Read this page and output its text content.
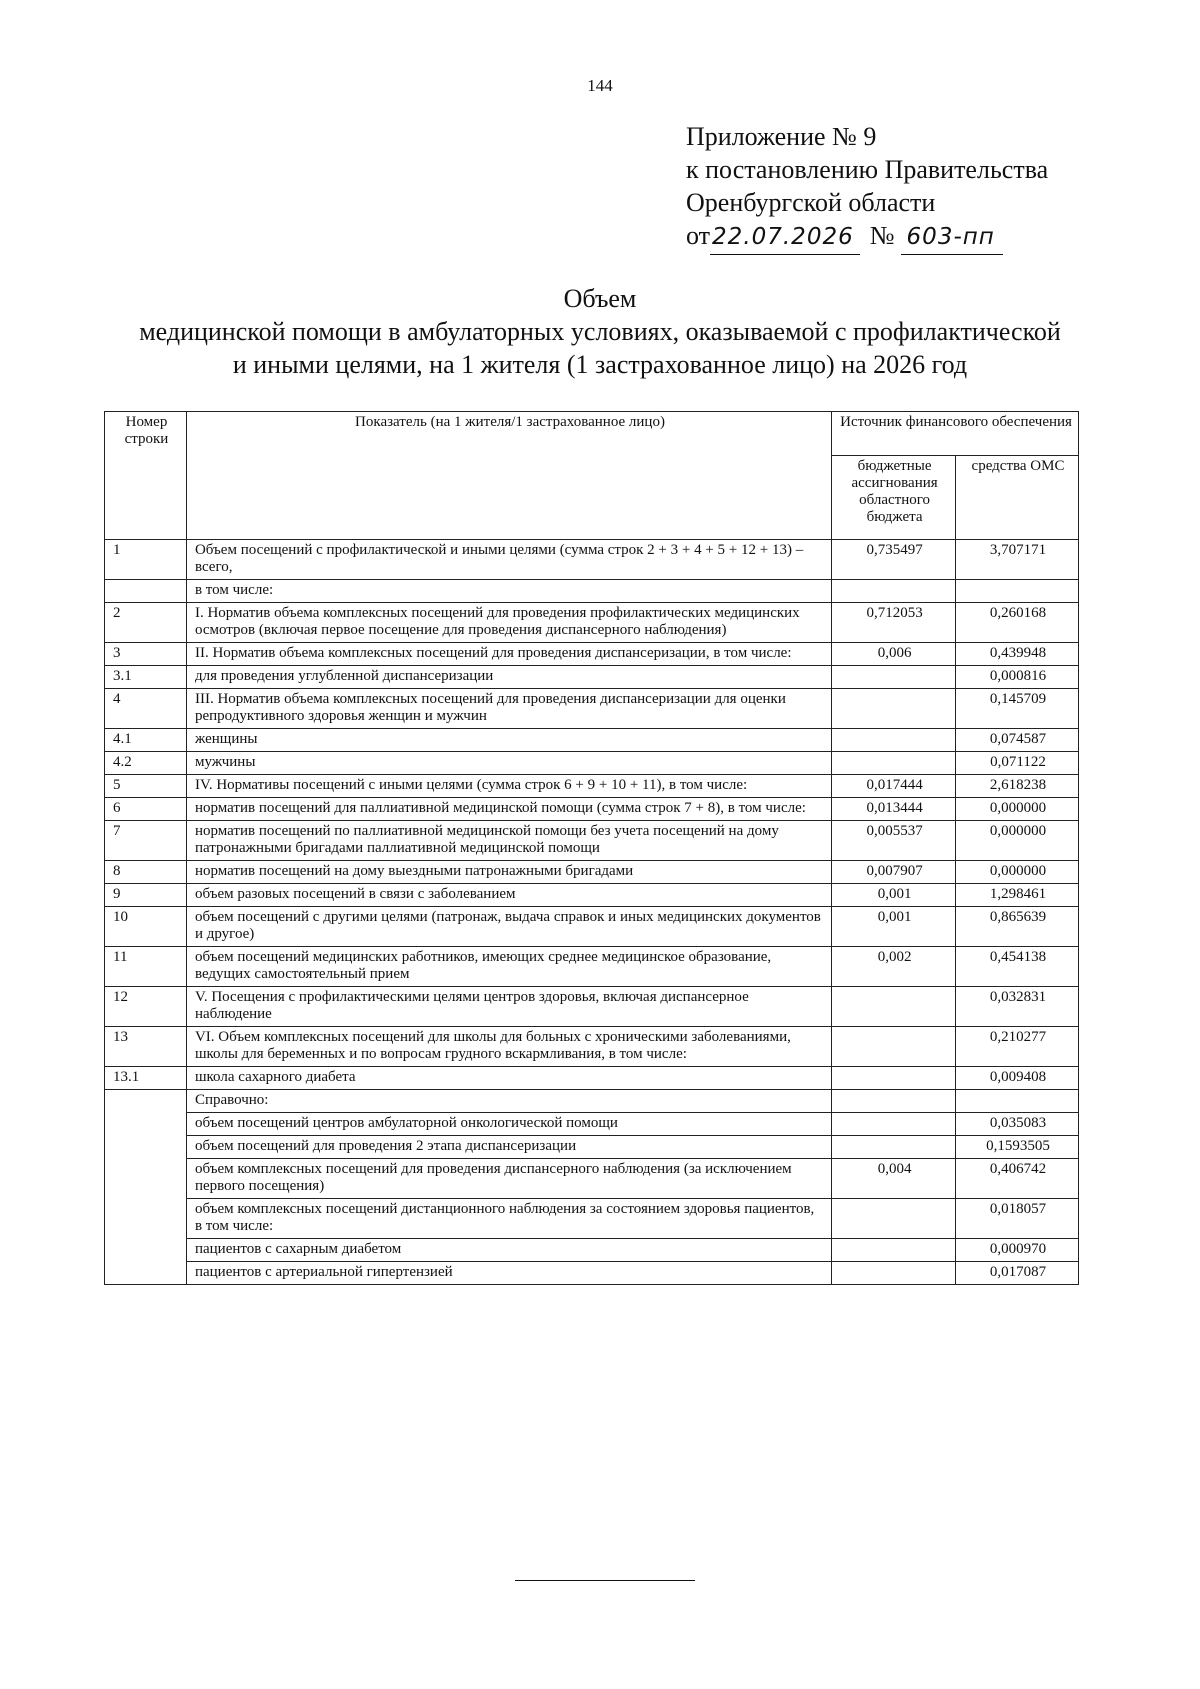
144
Приложение № 9
к постановлению Правительства
Оренбургской области
от22.07.2026 № 603-пп
Объем
медицинской помощи в амбулаторных условиях, оказываемой с профилактической
и иными целями, на 1 жителя (1 застрахованное лицо) на 2026 год
Номер строки	Показатель (на 1 жителя/1 застрахованное лицо)	Источник финансового обеспечения	
		бюджетные ассигнования областного бюджета	средства ОМС
1	Объем посещений с профилактической и иными целями (сумма строк 2 + 3 + 4 + 5 + 12 + 13) – всего,	0,735497	3,707171
	в том числе:		
2	I. Норматив объема комплексных посещений для проведения профилактических медицинских осмотров (включая первое посещение для проведения диспансерного наблюдения)	0,712053	0,260168
3	II. Норматив объема комплексных посещений для проведения диспансеризации, в том числе:	0,006	0,439948
3.1	для проведения углубленной диспансеризации		0,000816
4	III. Норматив объема комплексных посещений для проведения диспансеризации для оценки репродуктивного здоровья женщин и мужчин		0,145709
4.1	женщины		0,074587
4.2	мужчины		0,071122
5	IV. Нормативы посещений с иными целями (сумма строк 6 + 9 + 10 + 11), в том числе:	0,017444	2,618238
6	норматив посещений для паллиативной медицинской помощи (сумма строк 7 + 8), в том числе:	0,013444	0,000000
7	норматив посещений по паллиативной медицинской помощи без учета посещений на дому патронажными бригадами паллиативной медицинской помощи	0,005537	0,000000
8	норматив посещений на дому выездными патронажными бригадами	0,007907	0,000000
9	объем разовых посещений в связи с заболеванием	0,001	1,298461
10	объем посещений с другими целями (патронаж, выдача справок и иных медицинских документов и другое)	0,001	0,865639
11	объем посещений медицинских работников, имеющих среднее медицинское образование, ведущих самостоятельный прием	0,002	0,454138
12	V. Посещения с профилактическими целями центров здоровья, включая диспансерное наблюдение		0,032831
13	VI. Объем комплексных посещений для школы для больных с хроническими заболеваниями, школы для беременных и по вопросам грудного вскармливания, в том числе:		0,210277
13.1	школа сахарного диабета		0,009408
	Справочно:		
	объем посещений центров амбулаторной онкологической помощи		0,035083
	объем посещений для проведения 2 этапа диспансеризации		0,1593505
	объем комплексных посещений для проведения диспансерного наблюдения (за исключением первого посещения)	0,004	0,406742
	объем комплексных посещений дистанционного наблюдения за состоянием здоровья пациентов, в том числе:		0,018057
	пациентов с сахарным диабетом		0,000970
	пациентов с артериальной гипертензией		0,017087
